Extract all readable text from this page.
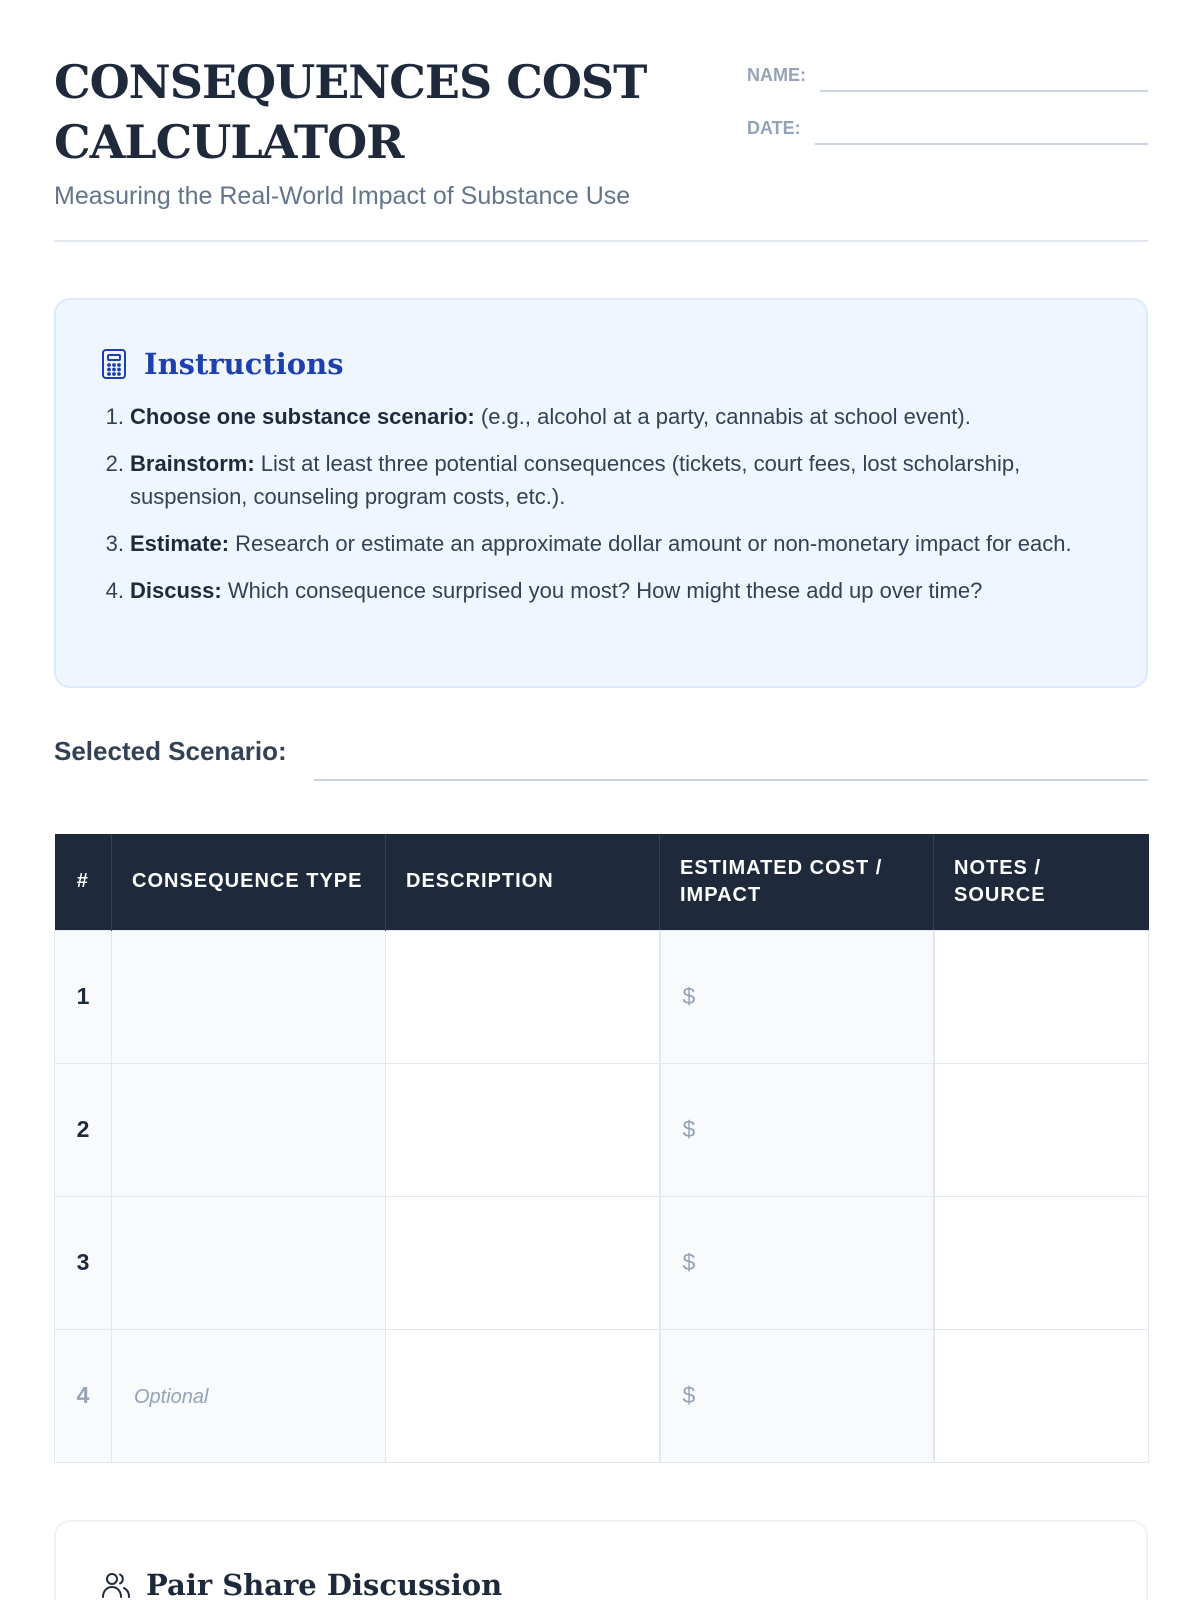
CONSEQUENCES COST CALCULATOR
Measuring the Real-World Impact of Substance Use
NAME:
DATE:
Instructions
1. Choose one substance scenario: (e.g., alcohol at a party, cannabis at school event).
2. Brainstorm: List at least three potential consequences (tickets, court fees, lost scholarship, suspension, counseling program costs, etc.).
3. Estimate: Research or estimate an approximate dollar amount or non-monetary impact for each.
4. Discuss: Which consequence surprised you most? How might these add up over time?
Selected Scenario:
#	CONSEQUENCE TYPE	DESCRIPTION	ESTIMATED COST / IMPACT	NOTES / SOURCE
1			$	
2			$	
3			$	
4	Optional		$	
Pair Share Discussion
